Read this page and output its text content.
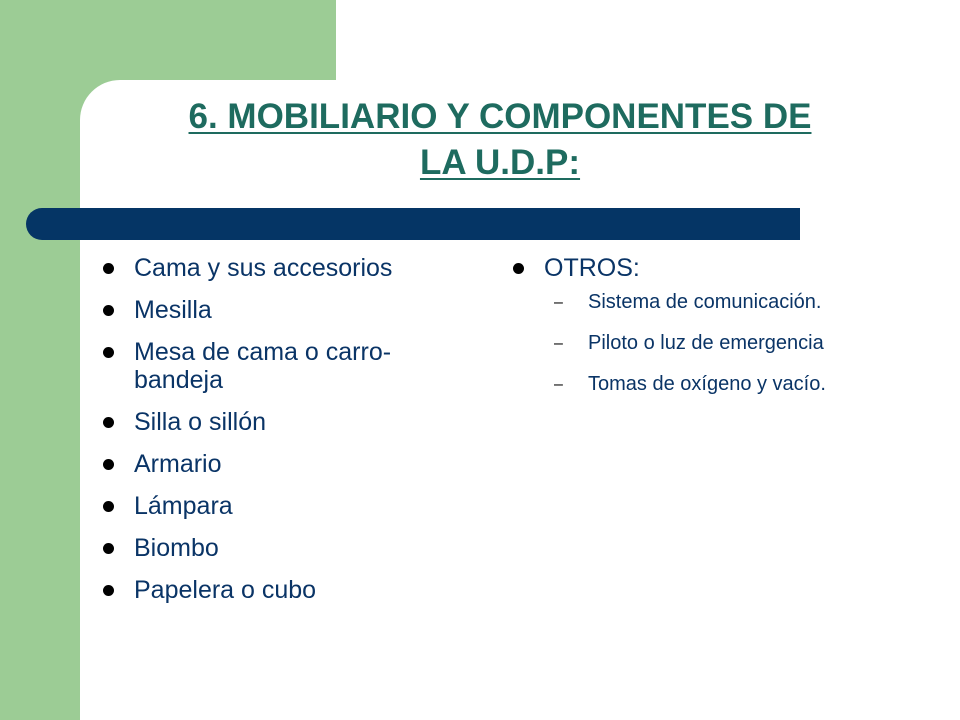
6. MOBILIARIO Y COMPONENTES DE
LA U.D.P:
Cama y sus accesorios
Mesilla
Mesa de cama o carro- bandeja
Silla o sillón
Armario
Lámpara
Biombo
Papelera o cubo
OTROS:
– Sistema de comunicación.
– Piloto o luz de emergencia
– Tomas de oxígeno y vacío.
